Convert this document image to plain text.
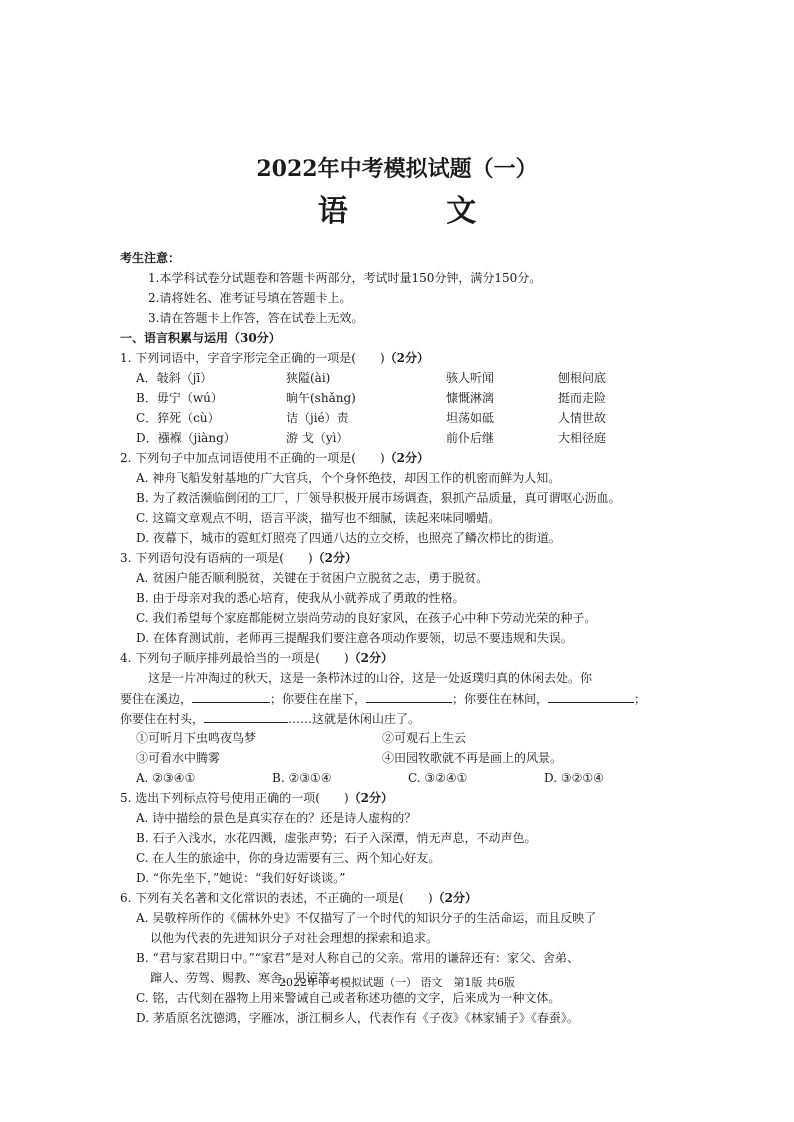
2022年中考模拟试题（一）
语 文
考生注意：
1.本学科试卷分试题卷和答题卡两部分，考试时量150分钟，满分150分。
2.请将姓名、准考证号填在答题卡上。
3.请在答题卡上作答，答在试卷上无效。
一、语言积累与运用（30分）
1. 下列词语中，字音字形完全正确的一项是(　　)（2分）
A．敧斜（jī）	狭隘(ài)	骇人听闻	刨根问底
B．毋宁（wú）	晌午(shǎng)	慷慨淋漓	挺而走险
C．猝死（cù）	诘（jié）责	坦荡如砥	人情世故
D．襁褓（jiàng）	游 戈（yì）	前仆后继	大相径庭
2. 下列句子中加点词语使用不正确的一项是(　　)（2分）
A. 神舟飞船发射基地的广大官兵，个个身怀绝技，却因工作的机密而鲜为人知。
B. 为了救活濒临倒闭的工厂，厂领导积极开展市场调查，狠抓产品质量，真可谓呕心沥血。
C. 这篇文章观点不明，语言平淡，描写也不细腻，读起来味同嚼蜡。
D. 夜幕下，城市的霓虹灯照亮了四通八达的立交桥，也照亮了鳞次栉比的街道。
3. 下列语句没有语病的一项是(　　)（2分）
A. 贫困户能否顺利脱贫，关键在于贫困户立脱贫之志，勇于脱贫。
B. 由于母亲对我的悉心培育，使我从小就养成了勇敢的性格。
C. 我们希望每个家庭都能树立崇尚劳动的良好家风，在孩子心中种下劳动光荣的种子。
D. 在体育测试前，老师再三提醒我们要注意各项动作要领，切忌不要违规和失误。
4. 下列句子顺序排列最恰当的一项是(　　)（2分）
这是一片冲淘过的秋天，这是一条栉沐过的山谷，这是一处返璞归真的休闲去处。你
要住在溪边，	；你要住在崖下，	；你要住在林间，	；
你要住在村头，	……这就是休闲山庄了。
①可听月下虫鸣夜鸟梦	②可观石上生云
③可看水中腾雾	④田园牧歌就不再是画上的风景。
A. ②③④①	B. ②③①④	C. ③②④①	D. ③②①④
5. 选出下列标点符号使用正确的一项(　　)（2分）
A. 诗中描绘的景色是真实存在的？还是诗人虚构的？
B. 石子入浅水，水花四溅，虚张声势；石子入深潭，悄无声息，不动声色。
C. 在人生的旅途中，你的身边需要有三、两个知心好友。
D. “你先坐下，”她说：“我们好好谈谈。”
6. 下列有关名著和文化常识的表述，不正确的一项是(　　)（2分）
A. 吴敬梓所作的《儒林外史》不仅描写了一个时代的知识分子的生活命运，而且反映了
以他为代表的先进知识分子对社会理想的探索和追求。
B. “君与家君期日中。”“家君”是对人称自己的父亲。常用的谦辞还有：家父、舍弟、
蹿人、劳驾、赐教、寒舍、见谅等。
C. 铭，古代刻在器物上用来警诫自己或者称述功德的文字，后来成为一种文体。
D. 茅盾原名沈德鸿，字雁冰，浙江桐乡人，代表作有《子夜》《林家铺子》《春蚕》。
2022年中考模拟试题（一） 语文　第1版 共6版
